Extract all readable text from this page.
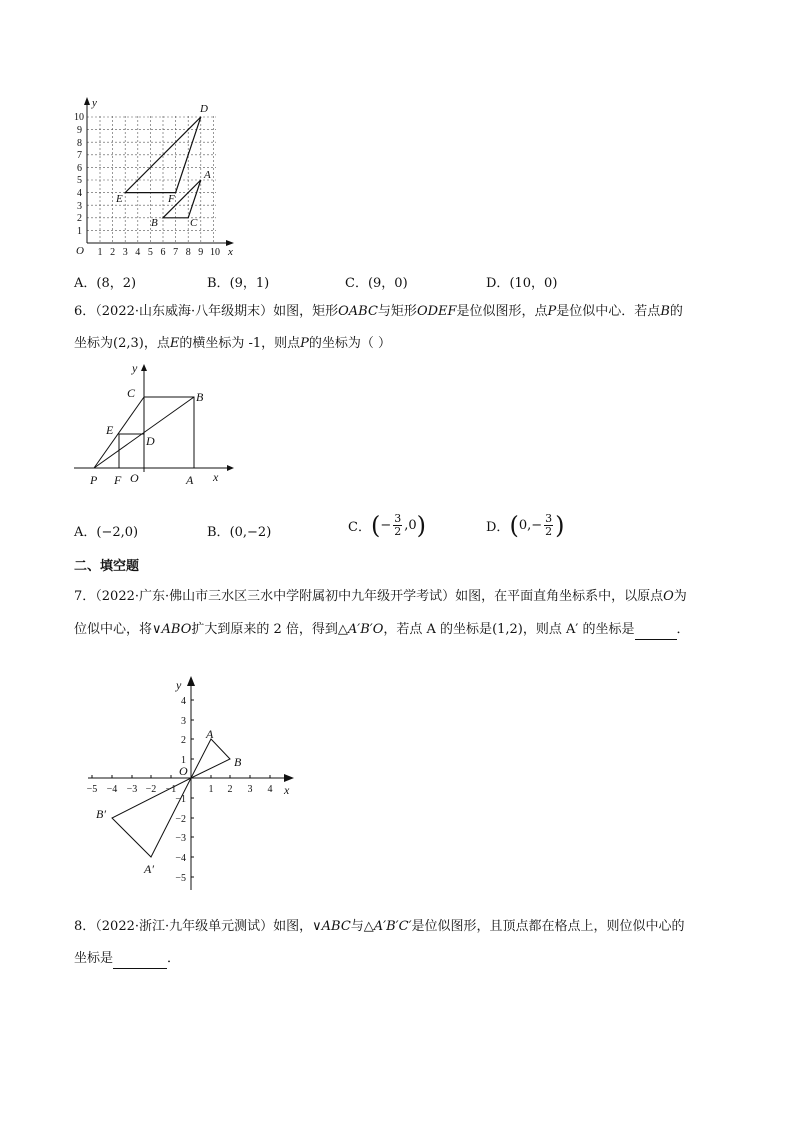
1 2 3 4 5 6 7 8 9 10
1
2
3
4
5
6
7
8
9
10
O	x
y	D
A
E	F
B	C
A．(8，2)	B．(9，1)	C．(9，0)	D．(10，0)
6．（2022·山东威海·八年级期末）如图，矩形OABC与矩形ODEF是位似图形，点P是位似中心．若点B的
坐标为(2,3)，点E的横坐标为 -1，则点P的坐标为（ ）
C	B
E
D
P F O	A x
y
A．(−2,0)	B．(0,−2)	C．(− $\frac{3}{2} ,0$)	D．($0,- \frac{3}{2}$ )
二、填空题
7．（2022·广东·佛山市三水区三水中学附属初中九年级开学考试）如图，在平面直角坐标系中，以原点O为
位似中心，将∨ABO扩大到原来的 2 倍，得到△A′B′O，若点 A 的坐标是(1,2)，则点 A′ 的坐标是	．
−5 −4 −3 −2 −1	1 2 3 4
4
3
2
1
−1
−2
−3
−4
−5
O
x
y
A
B
A′
B′
8．（2022·浙江·九年级单元测试）如图，∨ABC与△A′B′C′是位似图形，且顶点都在格点上，则位似中心的
坐标是	．
